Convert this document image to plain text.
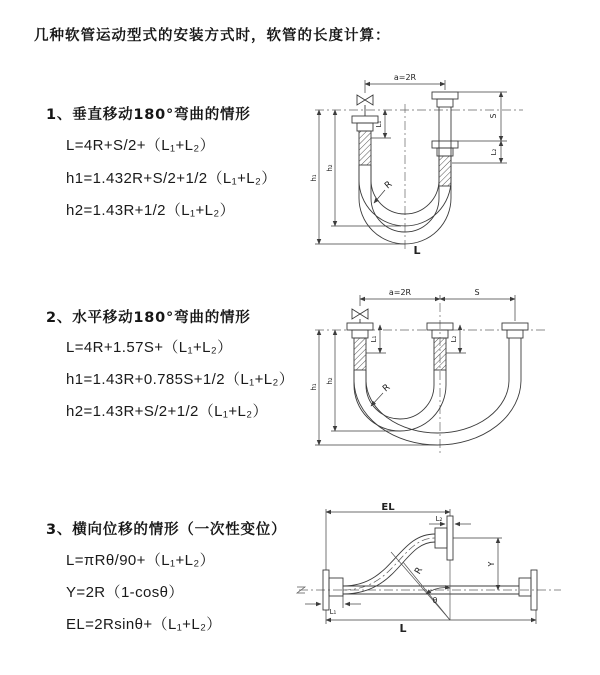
几种软管运动型式的安装方式时，软管的长度计算：
1、垂直移动180°弯曲的情形
L=4R+S/2+（L₁+L₂）
h1=1.432R+S/2+1/2（L₁+L₂）
h2=1.43R+1/2（L₁+L₂）
a=2R
S
L₂
L₁
h₁
h₂
R
L
2、水平移动180°弯曲的情形
L=4R+1.57S+（L₁+L₂）
h1=1.43R+0.785S+1/2（L₁+L₂）
h2=1.43R+S/2+1/2（L₁+L₂）
a=2R	S
L₁	L₂
h₁
h₂
R
3、横向位移的情形（一次性变位）
L=πRθ/90+（L₁+L₂）
Y=2R（1-cosθ）
EL=2Rsinθ+（L₁+L₂）
θ
R
EL
L₂
Y
L₁
L
